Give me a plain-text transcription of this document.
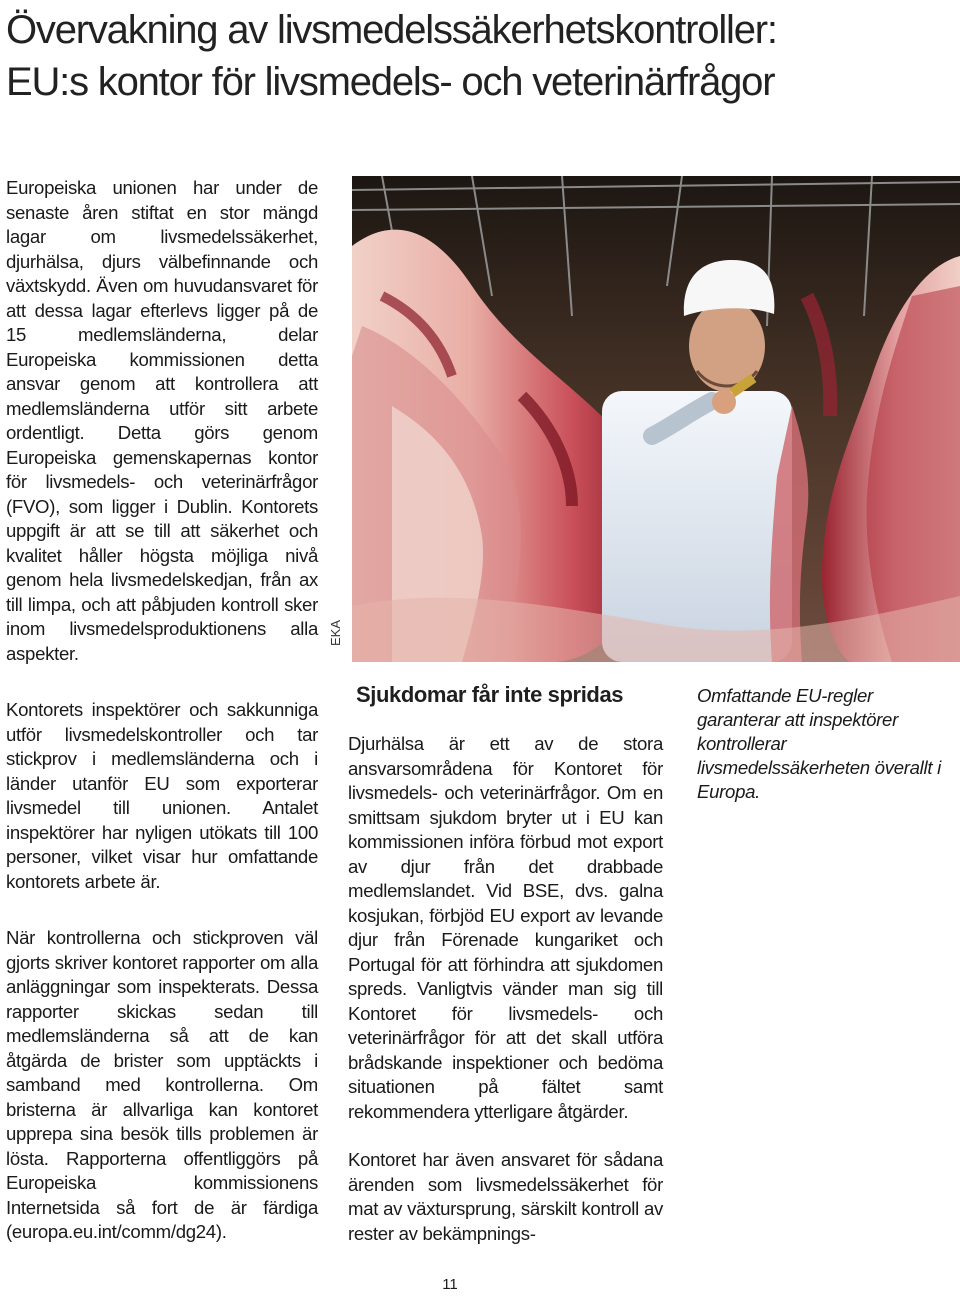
Övervakning av livsmedelssäkerhetskontroller:
EU:s kontor för livsmedels- och veterinärfrågor

Europeiska unionen har under de senaste åren stiftat en stor mängd lagar om livsmedelssäkerhet, djurhälsa, djurs välbefinnande och växtskydd. Även om huvudansvaret för att dessa lagar efterlevs ligger på de 15 medlemsländerna, delar Europeiska kommissionen detta ansvar genom att kontrollera att medlemsländerna utför sitt arbete ordentligt. Detta görs genom Europeiska gemenskapernas kontor för livsmedels- och veterinärfrågor (FVO), som ligger i Dublin. Kontorets uppgift är att se till att säkerhet och kvalitet håller högsta möjliga nivå genom hela livsmedelskedjan, från ax till limpa, och att påbjuden kontroll sker inom livsmedelsproduktionens alla aspekter.

Kontorets inspektörer och sakkunniga utför livsmedelskontroller och tar stickprov i medlemsländerna och i länder utanför EU som exporterar livsmedel till unionen. Antalet inspektörer har nyligen utökats till 100 personer, vilket visar hur omfattande kontorets arbete är.

När kontrollerna och stickproven väl gjorts skriver kontoret rapporter om alla anläggningar som inspekterats. Dessa rapporter skickas sedan till medlemsländerna så att de kan åtgärda de brister som upptäckts i samband med kontrollerna. Om bristerna är allvarliga kan kontoret upprepa sina besök tills problemen är lösta. Rapporterna offentliggörs på Europeiska kommissionens Internetsida så fort de är färdiga (europa.eu.int/comm/dg24).

EKA
Sjukdomar får inte spridas

Djurhälsa är ett av de stora ansvarsområdena för Kontoret för livsmedels- och veterinärfrågor. Om en smittsam sjukdom bryter ut i EU kan kommissionen införa förbud mot export av djur från det drabbade medlemslandet. Vid BSE, dvs. galna kosjukan, förbjöd EU export av levande djur från Förenade kungariket och Portugal för att förhindra att sjukdomen spreds. Vanligtvis vänder man sig till Kontoret för livsmedels- och veterinärfrågor för att det skall utföra brådskande inspektioner och bedöma situationen på fältet samt rekommendera ytterligare åtgärder.

Kontoret har även ansvaret för sådana ärenden som livsmedelssäkerhet för mat av växtursprung, särskilt kontroll av rester av bekämpnings-

Omfattande EU-regler garanterar att inspektörer kontrollerar livsmedelssäkerheten överallt i Europa.
11
